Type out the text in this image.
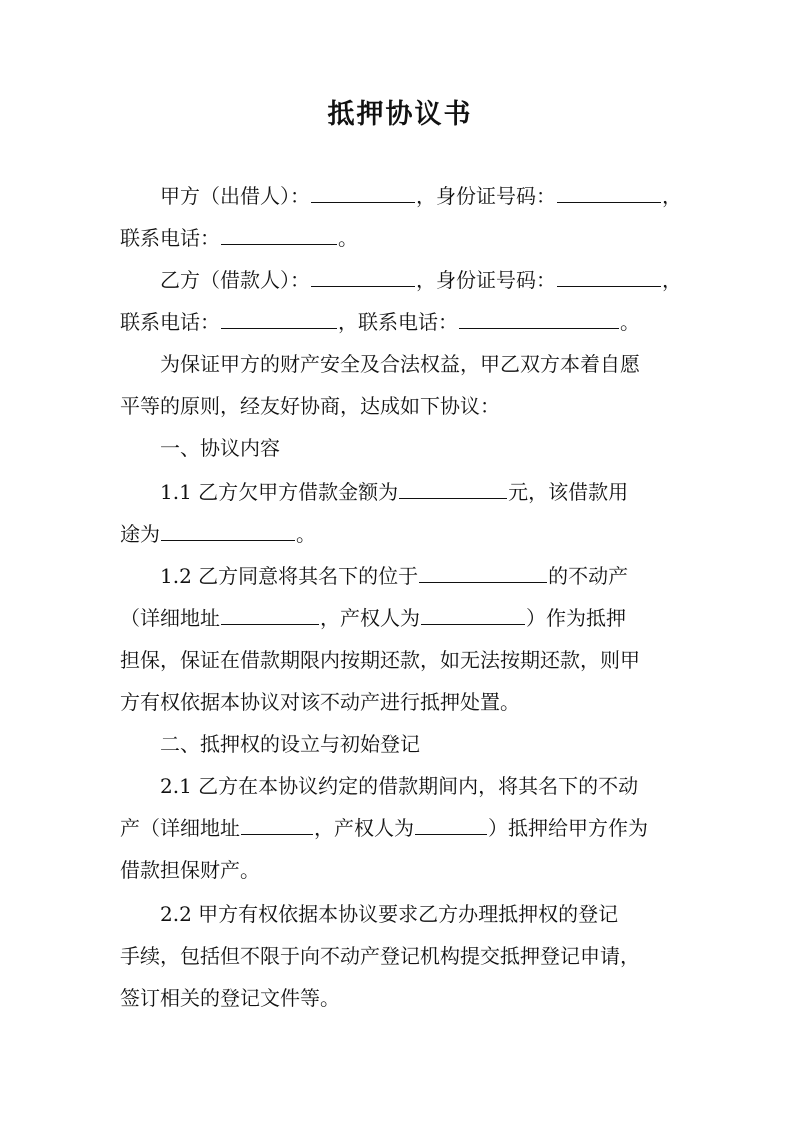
抵押协议书
甲方（出借人）：	，身份证号码：	，
联系电话：	。
乙方（借款人）：	，身份证号码：	，
联系电话：	，联系电话：	。
为保证甲方的财产安全及合法权益，甲乙双方本着自愿
平等的原则，经友好协商，达成如下协议：
一、协议内容
1.1 乙方欠甲方借款金额为	元，该借款用
途为	。
1.2 乙方同意将其名下的位于	的不动产
（详细地址	，产权人为	）作为抵押
担保，保证在借款期限内按期还款，如无法按期还款，则甲
方有权依据本协议对该不动产进行抵押处置。
二、抵押权的设立与初始登记
2.1 乙方在本协议约定的借款期间内，将其名下的不动
产（详细地址	，产权人为	）抵押给甲方作为
借款担保财产。
2.2 甲方有权依据本协议要求乙方办理抵押权的登记
手续，包括但不限于向不动产登记机构提交抵押登记申请，
签订相关的登记文件等。
